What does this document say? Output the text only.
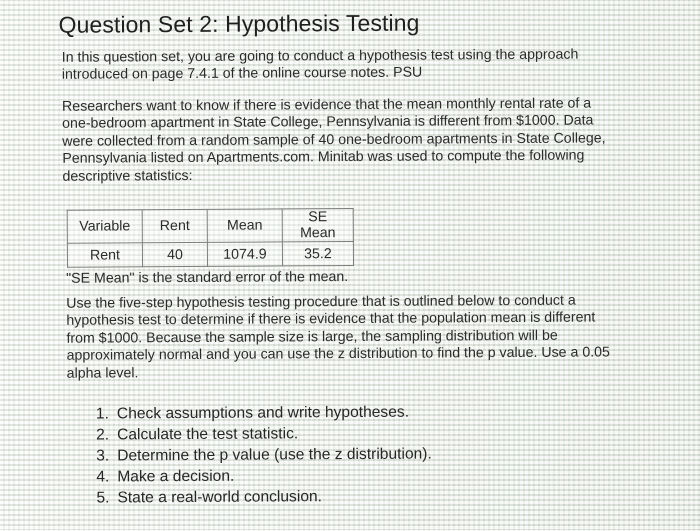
Question Set 2: Hypothesis Testing

In this question set, you are going to conduct a hypothesis test using the approach
introduced on page 7.4.1 of the online course notes. PSU

Researchers want to know if there is evidence that the mean monthly rental rate of a
one-bedroom apartment in State College, Pennsylvania is different from $1000. Data
were collected from a random sample of 40 one-bedroom apartments in State College,
Pennsylvania listed on Apartments.com. Minitab was used to compute the following
descriptive statistics:

Variable	Rent	Mean	SE Mean
Rent	40	1074.9	35.2

"SE Mean" is the standard error of the mean.

Use the five-step hypothesis testing procedure that is outlined below to conduct a
hypothesis test to determine if there is evidence that the population mean is different
from $1000. Because the sample size is large, the sampling distribution will be
approximately normal and you can use the z distribution to find the p value. Use a 0.05
alpha level.

1. Check assumptions and write hypotheses.
2. Calculate the test statistic.
3. Determine the p value (use the z distribution).
4. Make a decision.
5. State a real-world conclusion.
